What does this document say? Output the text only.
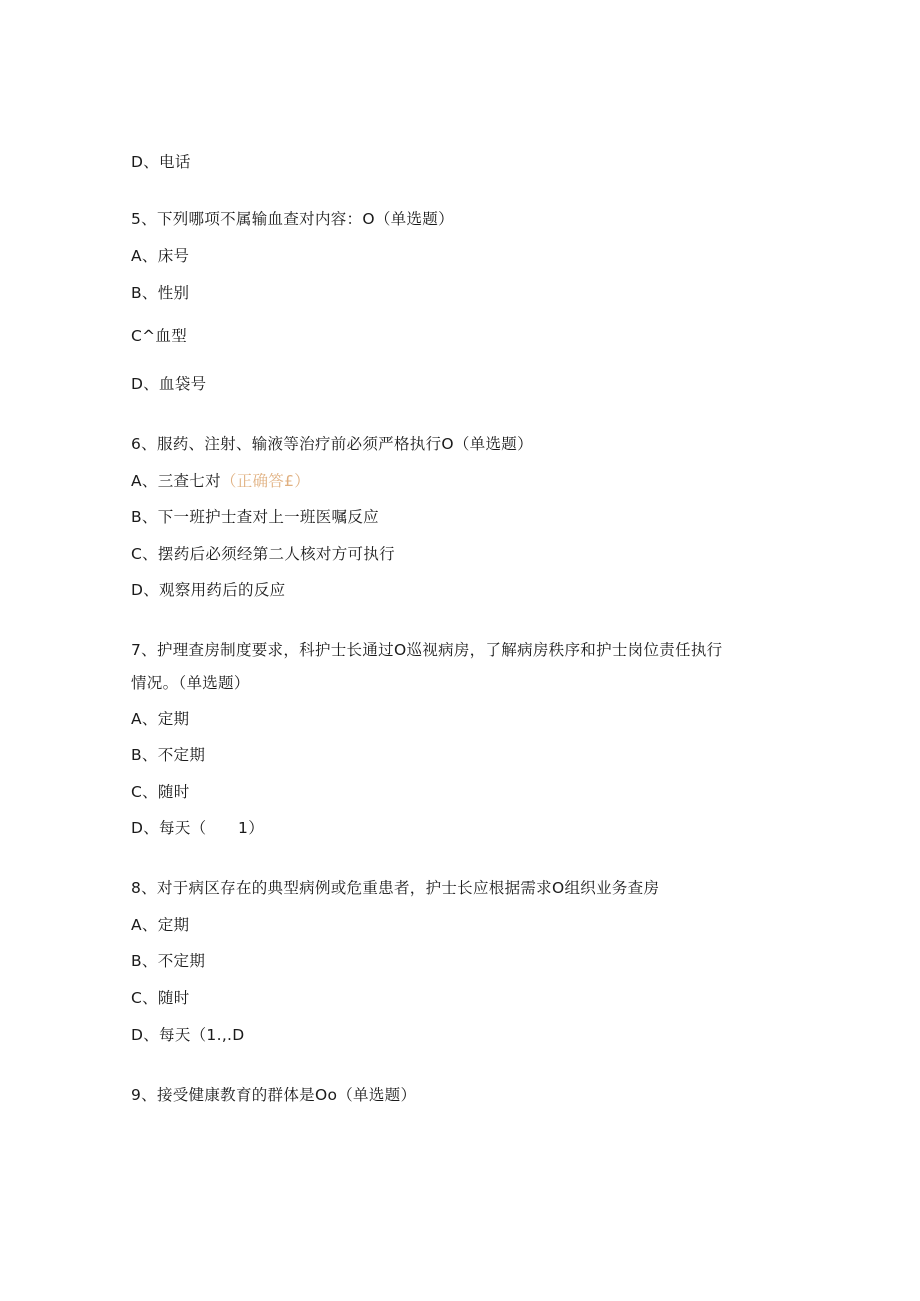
D、电话
5、下列哪项不属输血查对内容：O（单选题）
A、床号
B、性别
C^血型
D、血袋号
6、服药、注射、输液等治疗前必须严格执行O（单选题）
A、三查七对（正确答£）
B、下一班护士查对上一班医嘱反应
C、摆药后必须经第二人核对方可执行
D、观察用药后的反应
7、护理查房制度要求，科护士长通过O巡视病房，了解病房秩序和护士岗位责任执行
情况。（单选题）
A、定期
B、不定期
C、随时
D、每天（　　1）
8、对于病区存在的典型病例或危重患者，护士长应根据需求O组织业务查房
A、定期
B、不定期
C、随时
D、每天（1.,.D
9、接受健康教育的群体是Oo（单选题）
